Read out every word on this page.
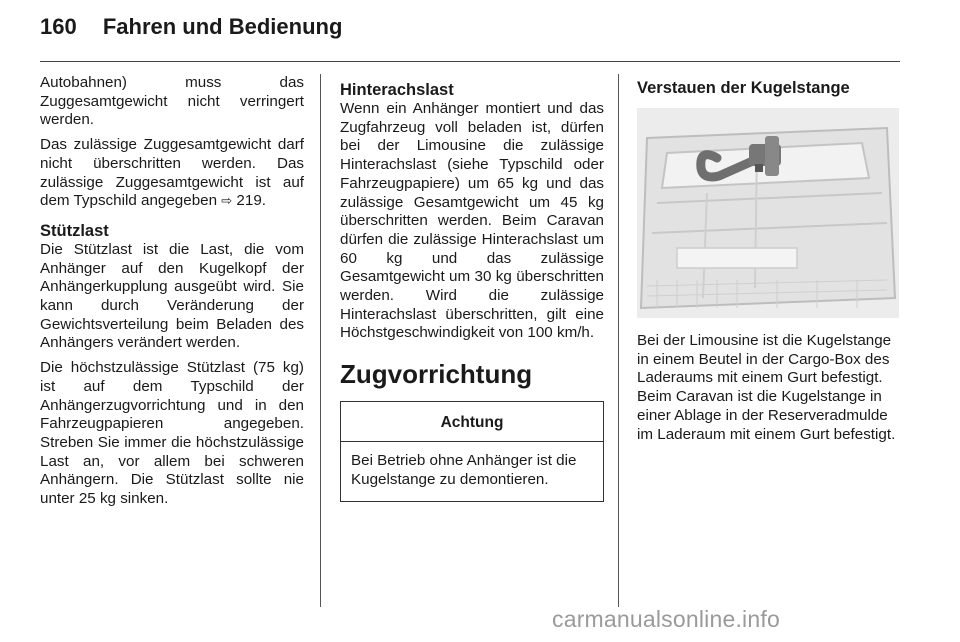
160 Fahren und Bedienung

Autobahnen) muss das Zuggesamtgewicht nicht verringert werden.

Das zulässige Zuggesamtgewicht darf nicht überschritten werden. Das zulässige Zuggesamtgewicht ist auf dem Typschild angegeben ⇨ 219.

Stützlast

Die Stützlast ist die Last, die vom Anhänger auf den Kugelkopf der Anhängerkupplung ausgeübt wird. Sie kann durch Veränderung der Gewichtsverteilung beim Beladen des Anhängers verändert werden.

Die höchstzulässige Stützlast (75 kg) ist auf dem Typschild der Anhängerzugvorrichtung und in den Fahrzeugpapieren angegeben. Streben Sie immer die höchstzulässige Last an, vor allem bei schweren Anhängern. Die Stützlast sollte nie unter 25 kg sinken.

Hinterachslast

Wenn ein Anhänger montiert und das Zugfahrzeug voll beladen ist, dürfen bei der Limousine die zulässige Hinterachslast (siehe Typschild oder Fahrzeugpapiere) um 65 kg und das zulässige Gesamtgewicht um 45 kg überschritten werden. Beim Caravan dürfen die zulässige Hinterachslast um 60 kg und das zulässige Gesamtgewicht um 30 kg überschritten werden. Wird die zulässige Hinterachslast überschritten, gilt eine Höchstgeschwindigkeit von 100 km/h.

Zugvorrichtung
Achtung
Bei Betrieb ohne Anhänger ist die Kugelstange zu demontieren.
Verstauen der Kugelstange

Bei der Limousine ist die Kugelstange in einem Beutel in der Cargo-Box des Laderaums mit einem Gurt befestigt. Beim Caravan ist die Kugelstange in einer Ablage in der Reserveradmulde im Laderaum mit einem Gurt befestigt.

carmanualsonline.info
